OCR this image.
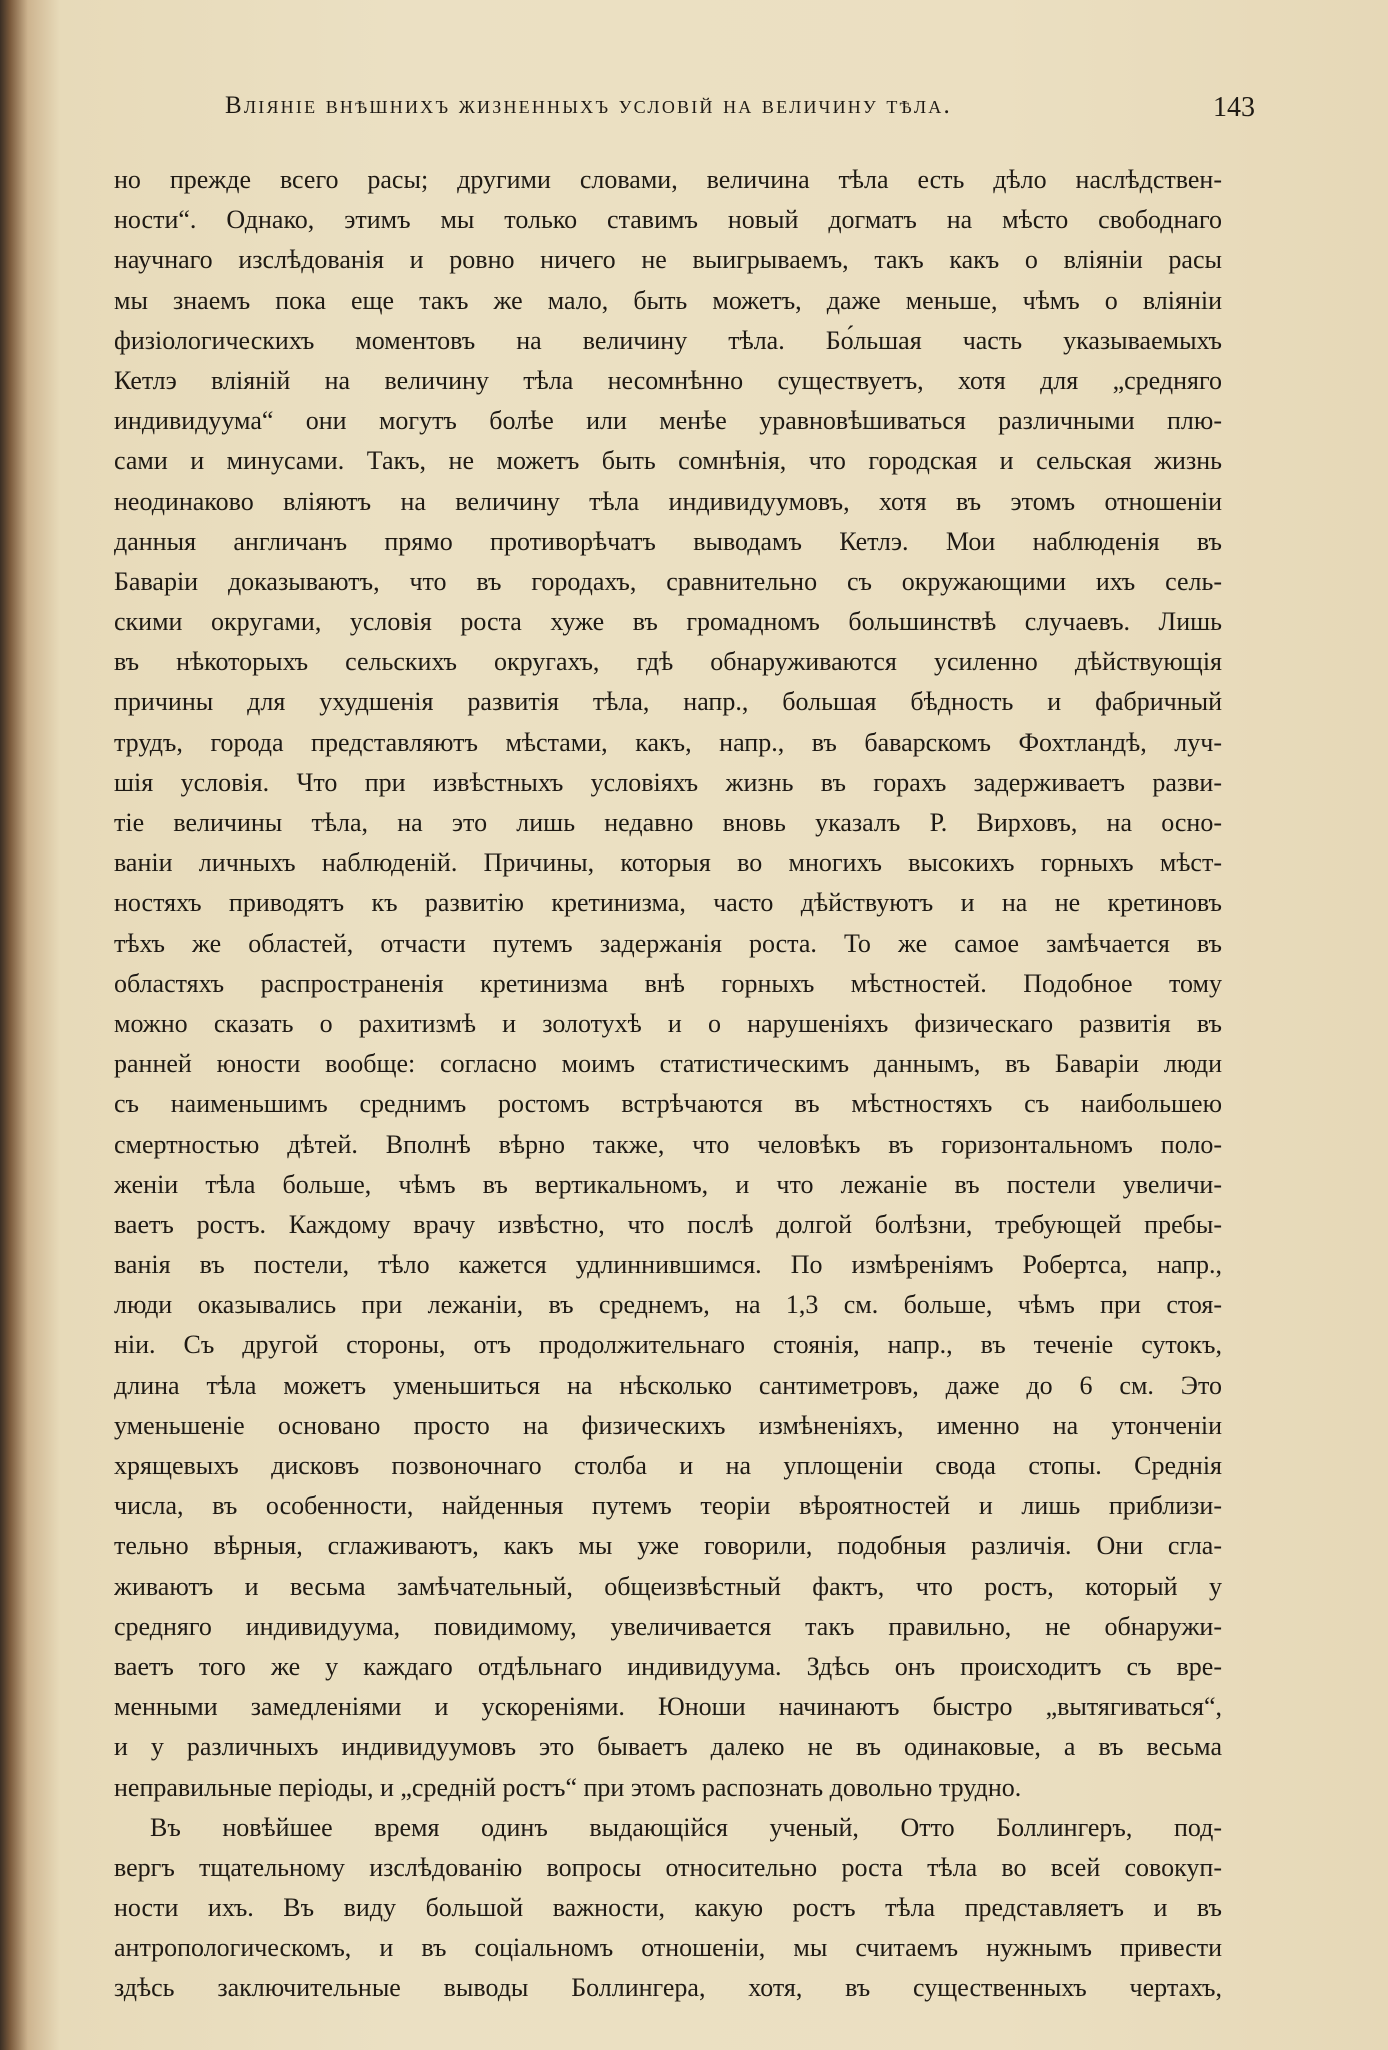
Вліяніе внѣшнихъ жизненныхъ условій на величину тѣла.	143
но прежде всего расы; другими словами, величина тѣла есть дѣло наслѣдствен-
ности“. Однако, этимъ мы только ставимъ новый догматъ на мѣсто свободнаго
научнаго изслѣдованія и ровно ничего не выигрываемъ, такъ какъ о вліяніи расы
мы знаемъ пока еще такъ же мало, быть можетъ, даже меньше, чѣмъ о вліяніи
физіологическихъ моментовъ на величину тѣла. Бо́льшая часть указываемыхъ
Кетлэ вліяній на величину тѣла несомнѣнно существуетъ, хотя для „средняго
индивидуума“ они могутъ болѣе или менѣе уравновѣшиваться различными плю-
сами и минусами. Такъ, не можетъ быть сомнѣнія, что городская и сельская жизнь
неодинаково вліяютъ на величину тѣла индивидуумовъ, хотя въ этомъ отношеніи
данныя англичанъ прямо противорѣчатъ выводамъ Кетлэ. Мои наблюденія въ
Баваріи доказываютъ, что въ городахъ, сравнительно съ окружающими ихъ сель-
скими округами, условія роста хуже въ громадномъ большинствѣ случаевъ. Лишь
въ нѣкоторыхъ сельскихъ округахъ, гдѣ обнаруживаются усиленно дѣйствующія
причины для ухудшенія развитія тѣла, напр., большая бѣдность и фабричный
трудъ, города представляютъ мѣстами, какъ, напр., въ баварскомъ Фохтландѣ, луч-
шія условія. Что при извѣстныхъ условіяхъ жизнь въ горахъ задерживаетъ разви-
тіе величины тѣла, на это лишь недавно вновь указалъ Р. Вирховъ, на осно-
ваніи личныхъ наблюденій. Причины, которыя во многихъ высокихъ горныхъ мѣст-
ностяхъ приводятъ къ развитію кретинизма, часто дѣйствуютъ и на не кретиновъ
тѣхъ же областей, отчасти путемъ задержанія роста. То же самое замѣчается въ
областяхъ распространенія кретинизма внѣ горныхъ мѣстностей. Подобное тому
можно сказать о рахитизмѣ и золотухѣ и о нарушеніяхъ физическаго развитія въ
ранней юности вообще: согласно моимъ статистическимъ даннымъ, въ Баваріи люди
съ наименьшимъ среднимъ ростомъ встрѣчаются въ мѣстностяхъ съ наибольшею
смертностью дѣтей. Вполнѣ вѣрно также, что человѣкъ въ горизонтальномъ поло-
женіи тѣла больше, чѣмъ въ вертикальномъ, и что лежаніе въ постели увеличи-
ваетъ ростъ. Каждому врачу извѣстно, что послѣ долгой болѣзни, требующей пребы-
ванія въ постели, тѣло кажется удлиннившимся. По измѣреніямъ Робертса, напр.,
люди оказывались при лежаніи, въ среднемъ, на 1,3 см. больше, чѣмъ при стоя-
ніи. Съ другой стороны, отъ продолжительнаго стоянія, напр., въ теченіе сутокъ,
длина тѣла можетъ уменьшиться на нѣсколько сантиметровъ, даже до 6 см. Это
уменьшеніе основано просто на физическихъ измѣненіяхъ, именно на утонченіи
хрящевыхъ дисковъ позвоночнаго столба и на уплощеніи свода стопы. Среднія
числа, въ особенности, найденныя путемъ теоріи вѣроятностей и лишь приблизи-
тельно вѣрныя, сглаживаютъ, какъ мы уже говорили, подобныя различія. Они сгла-
живаютъ и весьма замѣчательный, общеизвѣстный фактъ, что ростъ, который у
средняго индивидуума, повидимому, увеличивается такъ правильно, не обнаружи-
ваетъ того же у каждаго отдѣльнаго индивидуума. Здѣсь онъ происходитъ съ вре-
менными замедленіями и ускореніями. Юноши начинаютъ быстро „вытягиваться“,
и у различныхъ индивидуумовъ это бываетъ далеко не въ одинаковые, а въ весьма
неправильные періоды, и „средній ростъ“ при этомъ распознать довольно трудно.
Въ новѣйшее время одинъ выдающійся ученый, Отто Боллингеръ, под-
вергъ тщательному изслѣдованію вопросы относительно роста тѣла во всей совокуп-
ности ихъ. Въ виду большой важности, какую ростъ тѣла представляетъ и въ
антропологическомъ, и въ соціальномъ отношеніи, мы считаемъ нужнымъ привести
здѣсь заключительные выводы Боллингера, хотя, въ существенныхъ чертахъ,
